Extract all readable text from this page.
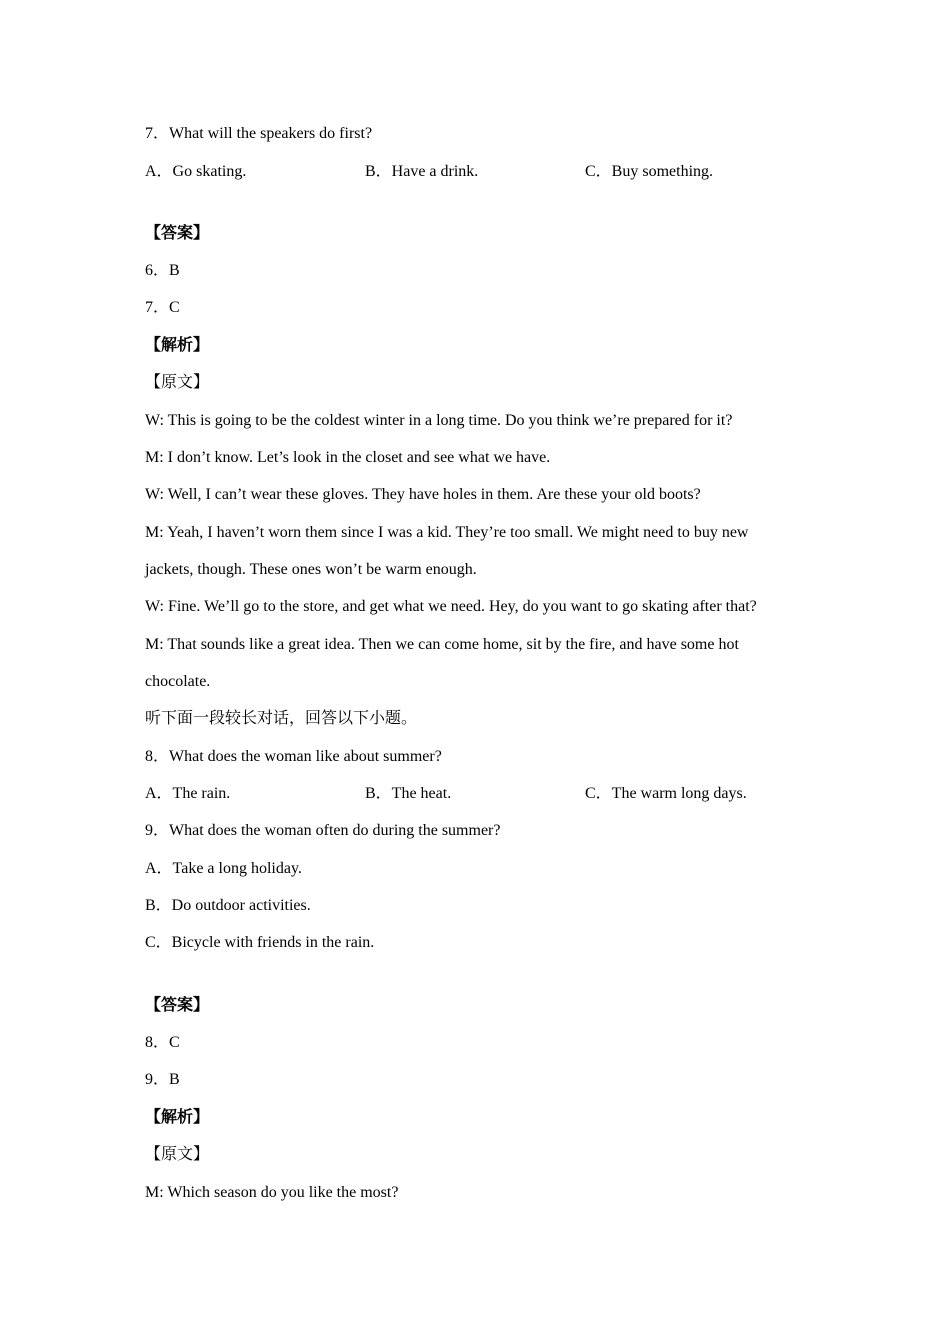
7．What will the speakers do first?
A．Go skating.	B．Have a drink.	C．Buy something.
【答案】
6．B
7．C
【解析】
【原文】
W: This is going to be the coldest winter in a long time. Do you think we’re prepared for it?
M: I don’t know. Let’s look in the closet and see what we have.
W: Well, I can’t wear these gloves. They have holes in them. Are these your old boots?
M: Yeah, I haven’t worn them since I was a kid. They’re too small. We might need to buy new
jackets, though. These ones won’t be warm enough.
W: Fine. We’ll go to the store, and get what we need. Hey, do you want to go skating after that?
M: That sounds like a great idea. Then we can come home, sit by the fire, and have some hot
chocolate.
听下面一段较长对话，回答以下小题。
8．What does the woman like about summer?
A．The rain.	B．The heat.	C．The warm long days.
9．What does the woman often do during the summer?
A．Take a long holiday.
B．Do outdoor activities.
C．Bicycle with friends in the rain.
【答案】
8．C
9．B
【解析】
【原文】
M: Which season do you like the most?
